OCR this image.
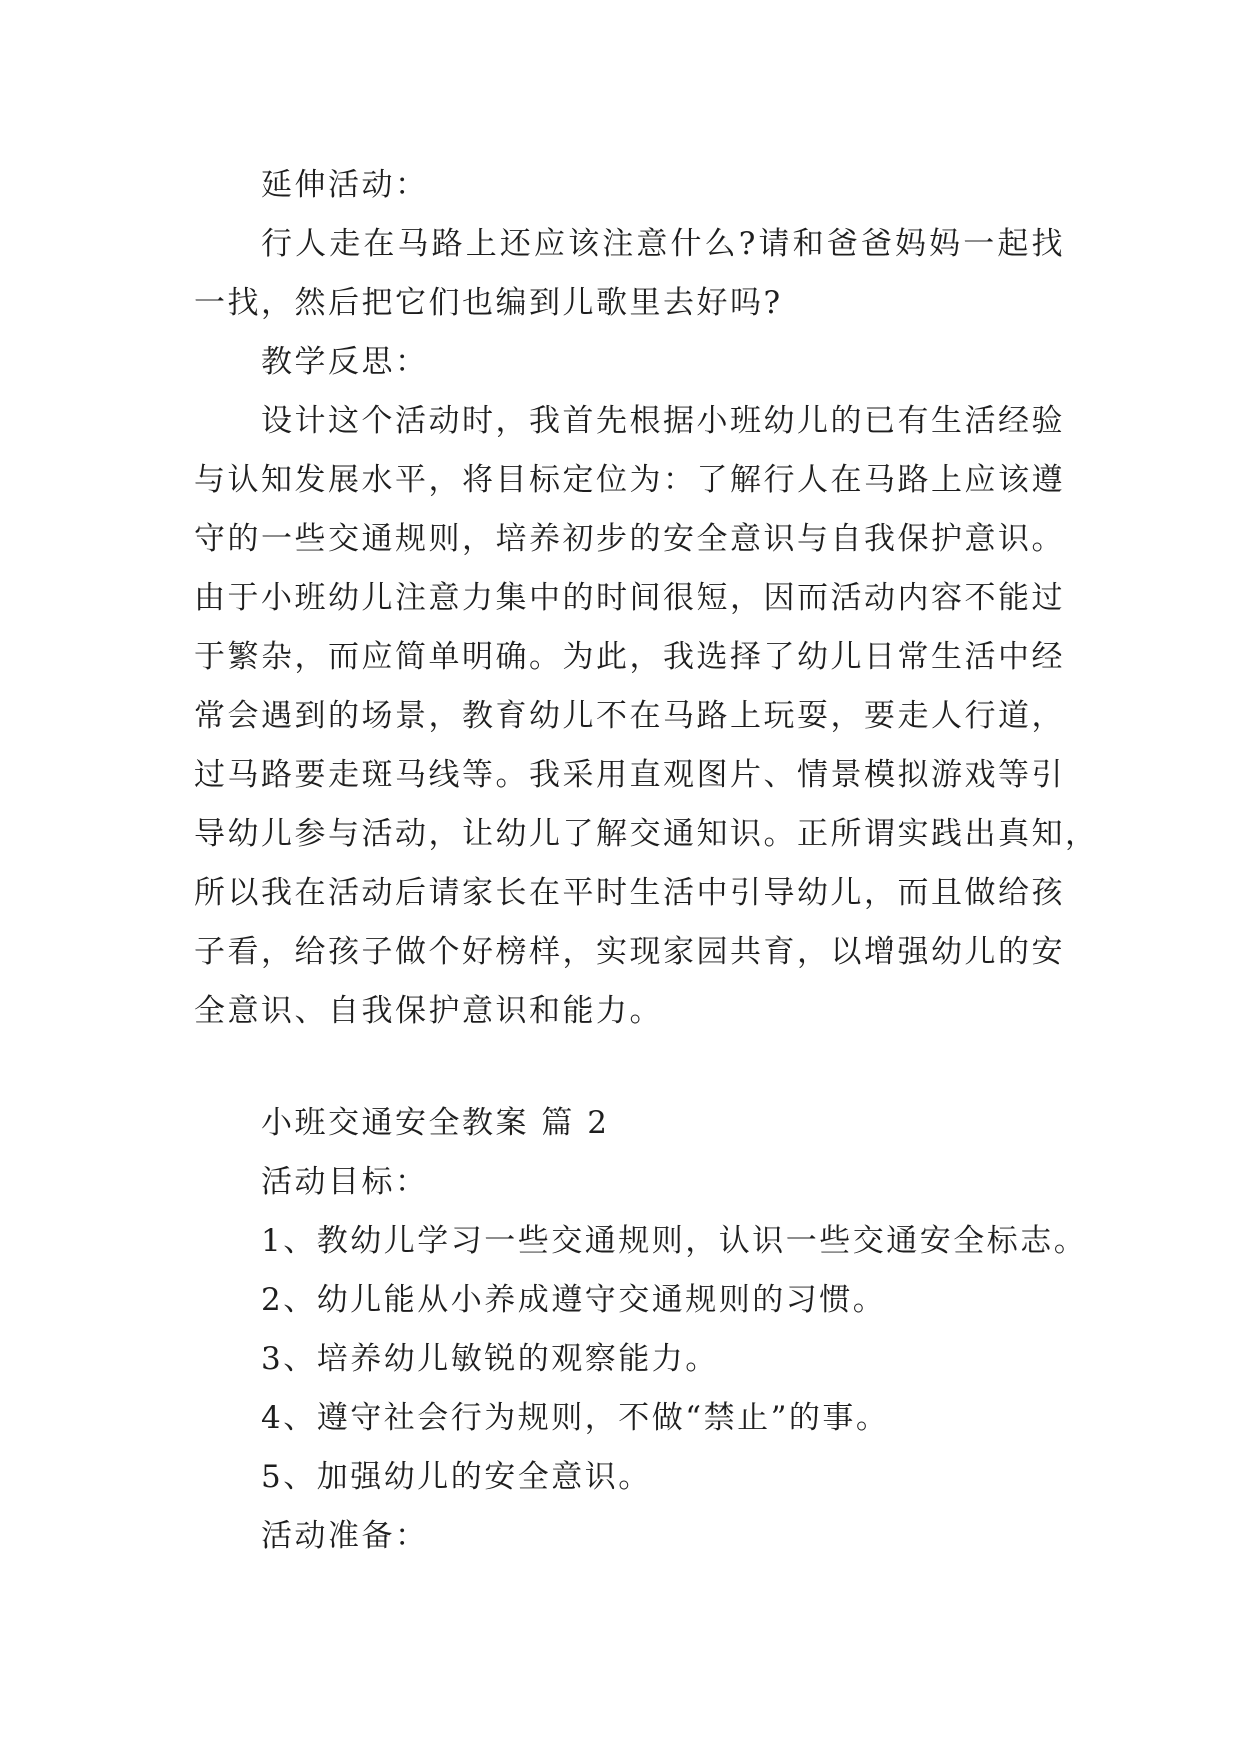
延伸活动：
行人走在马路上还应该注意什么?请和爸爸妈妈一起找
一找，然后把它们也编到儿歌里去好吗?
教学反思：
设计这个活动时，我首先根据小班幼儿的已有生活经验
与认知发展水平，将目标定位为：了解行人在马路上应该遵
守的一些交通规则，培养初步的安全意识与自我保护意识。
由于小班幼儿注意力集中的时间很短，因而活动内容不能过
于繁杂，而应简单明确。为此，我选择了幼儿日常生活中经
常会遇到的场景，教育幼儿不在马路上玩耍，要走人行道，
过马路要走斑马线等。我采用直观图片、情景模拟游戏等引
导幼儿参与活动，让幼儿了解交通知识。正所谓实践出真知，
所以我在活动后请家长在平时生活中引导幼儿，而且做给孩
子看，给孩子做个好榜样，实现家园共育，以增强幼儿的安
全意识、自我保护意识和能力。
小班交通安全教案 篇 2
活动目标：
1、教幼儿学习一些交通规则，认识一些交通安全标志。
2、幼儿能从小养成遵守交通规则的习惯。
3、培养幼儿敏锐的观察能力。
4、遵守社会行为规则，不做“禁止”的事。
5、加强幼儿的安全意识。
活动准备：
